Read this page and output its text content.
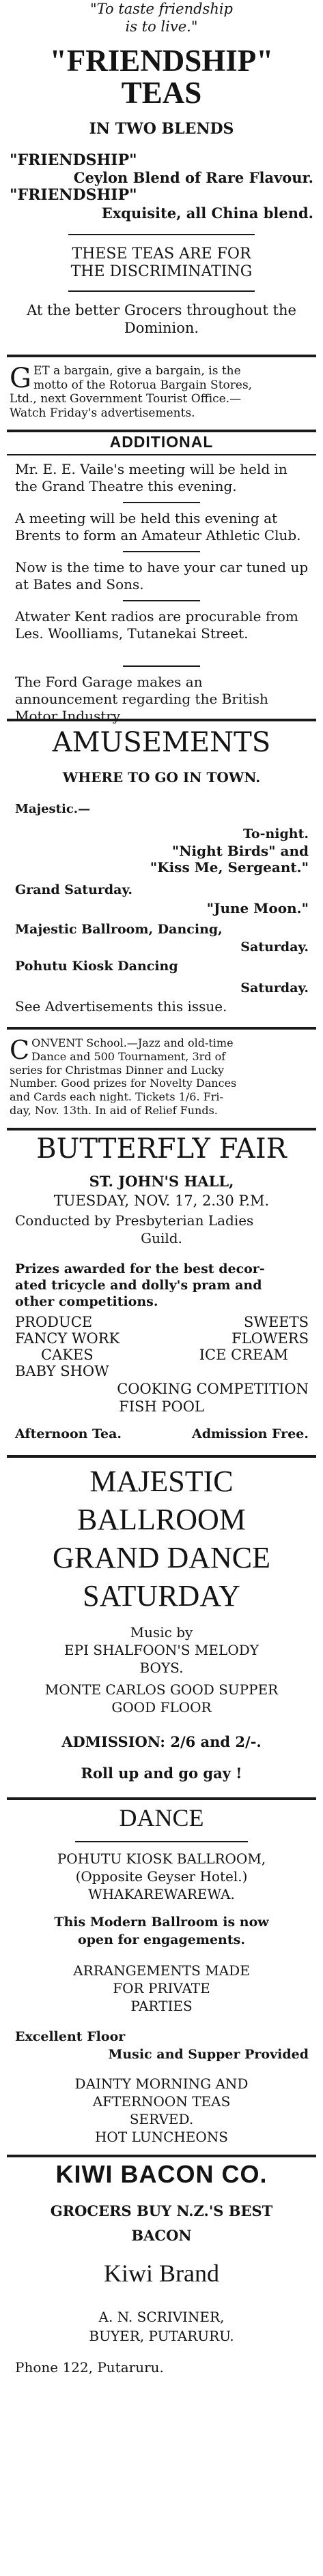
"To taste friendship
is to live."
"FRIENDSHIP"
TEAS
IN TWO BLENDS
"FRIENDSHIP"
Ceylon Blend of Rare Flavour.
"FRIENDSHIP"
Exquisite, all China blend.
THESE TEAS ARE FOR
THE DISCRIMINATING
At the better Grocers throughout the
Dominion.
G ET a bargain, give a bargain, is the
motto of the Rotorua Bargain Stores,
Ltd., next Government Tourist Office.—
Watch Friday's advertisements.
ADDITIONAL
Mr. E. E. Vaile's meeting will be held in the Grand Theatre this evening.
A meeting will be held this evening at Brents to form an Amateur Athletic Club.
Now is the time to have your car tuned up at Bates and Sons.
Atwater Kent radios are procurable from Les. Woolliams, Tutanekai Street.
The Ford Garage makes an announcement regarding the British Motor Industry.
AMUSEMENTS
WHERE TO GO IN TOWN.
Majestic.—
To-night.
"Night Birds" and
"Kiss Me, Sergeant."
Grand Saturday.
"June Moon."
Majestic Ballroom, Dancing,
Saturday.
Pohutu Kiosk Dancing
Saturday.
See Advertisements this issue.
C ONVENT School.—Jazz and old-time
Dance and 500 Tournament, 3rd of
series for Christmas Dinner and Lucky
Number. Good prizes for Novelty Dances
and Cards each night. Tickets 1/6. Fri-
day, Nov. 13th. In aid of Relief Funds.
BUTTERFLY FAIR
ST. JOHN'S HALL,
TUESDAY, NOV. 17, 2.30 P.M.
Conducted by Presbyterian Ladies
Guild.
Prizes awarded for the best decor-
ated tricycle and dolly's pram and
other competitions.
PRODUCE	SWEETS
FANCY WORK	FLOWERS
CAKES	ICE CREAM
BABY SHOW
COOKING COMPETITION
FISH POOL
Afternoon Tea.	Admission Free.
MAJESTIC
BALLROOM
GRAND DANCE
SATURDAY
Music by
EPI SHALFOON'S MELODY
BOYS.
MONTE CARLOS GOOD SUPPER
GOOD FLOOR
ADMISSION: 2/6 and 2/-.
Roll up and go gay !
DANCE
POHUTU KIOSK BALLROOM,
(Opposite Geyser Hotel.)
WHAKAREWAREWA.
This Modern Ballroom is now
open for engagements.
ARRANGEMENTS MADE
FOR PRIVATE
PARTIES
Excellent Floor
Music and Supper Provided
DAINTY MORNING AND
AFTERNOON TEAS
SERVED.
HOT LUNCHEONS
KIWI BACON CO.
GROCERS BUY N.Z.'S BEST
BACON
Kiwi Brand
A. N. SCRIVINER,
BUYER, PUTARURU.
Phone 122, Putaruru.
